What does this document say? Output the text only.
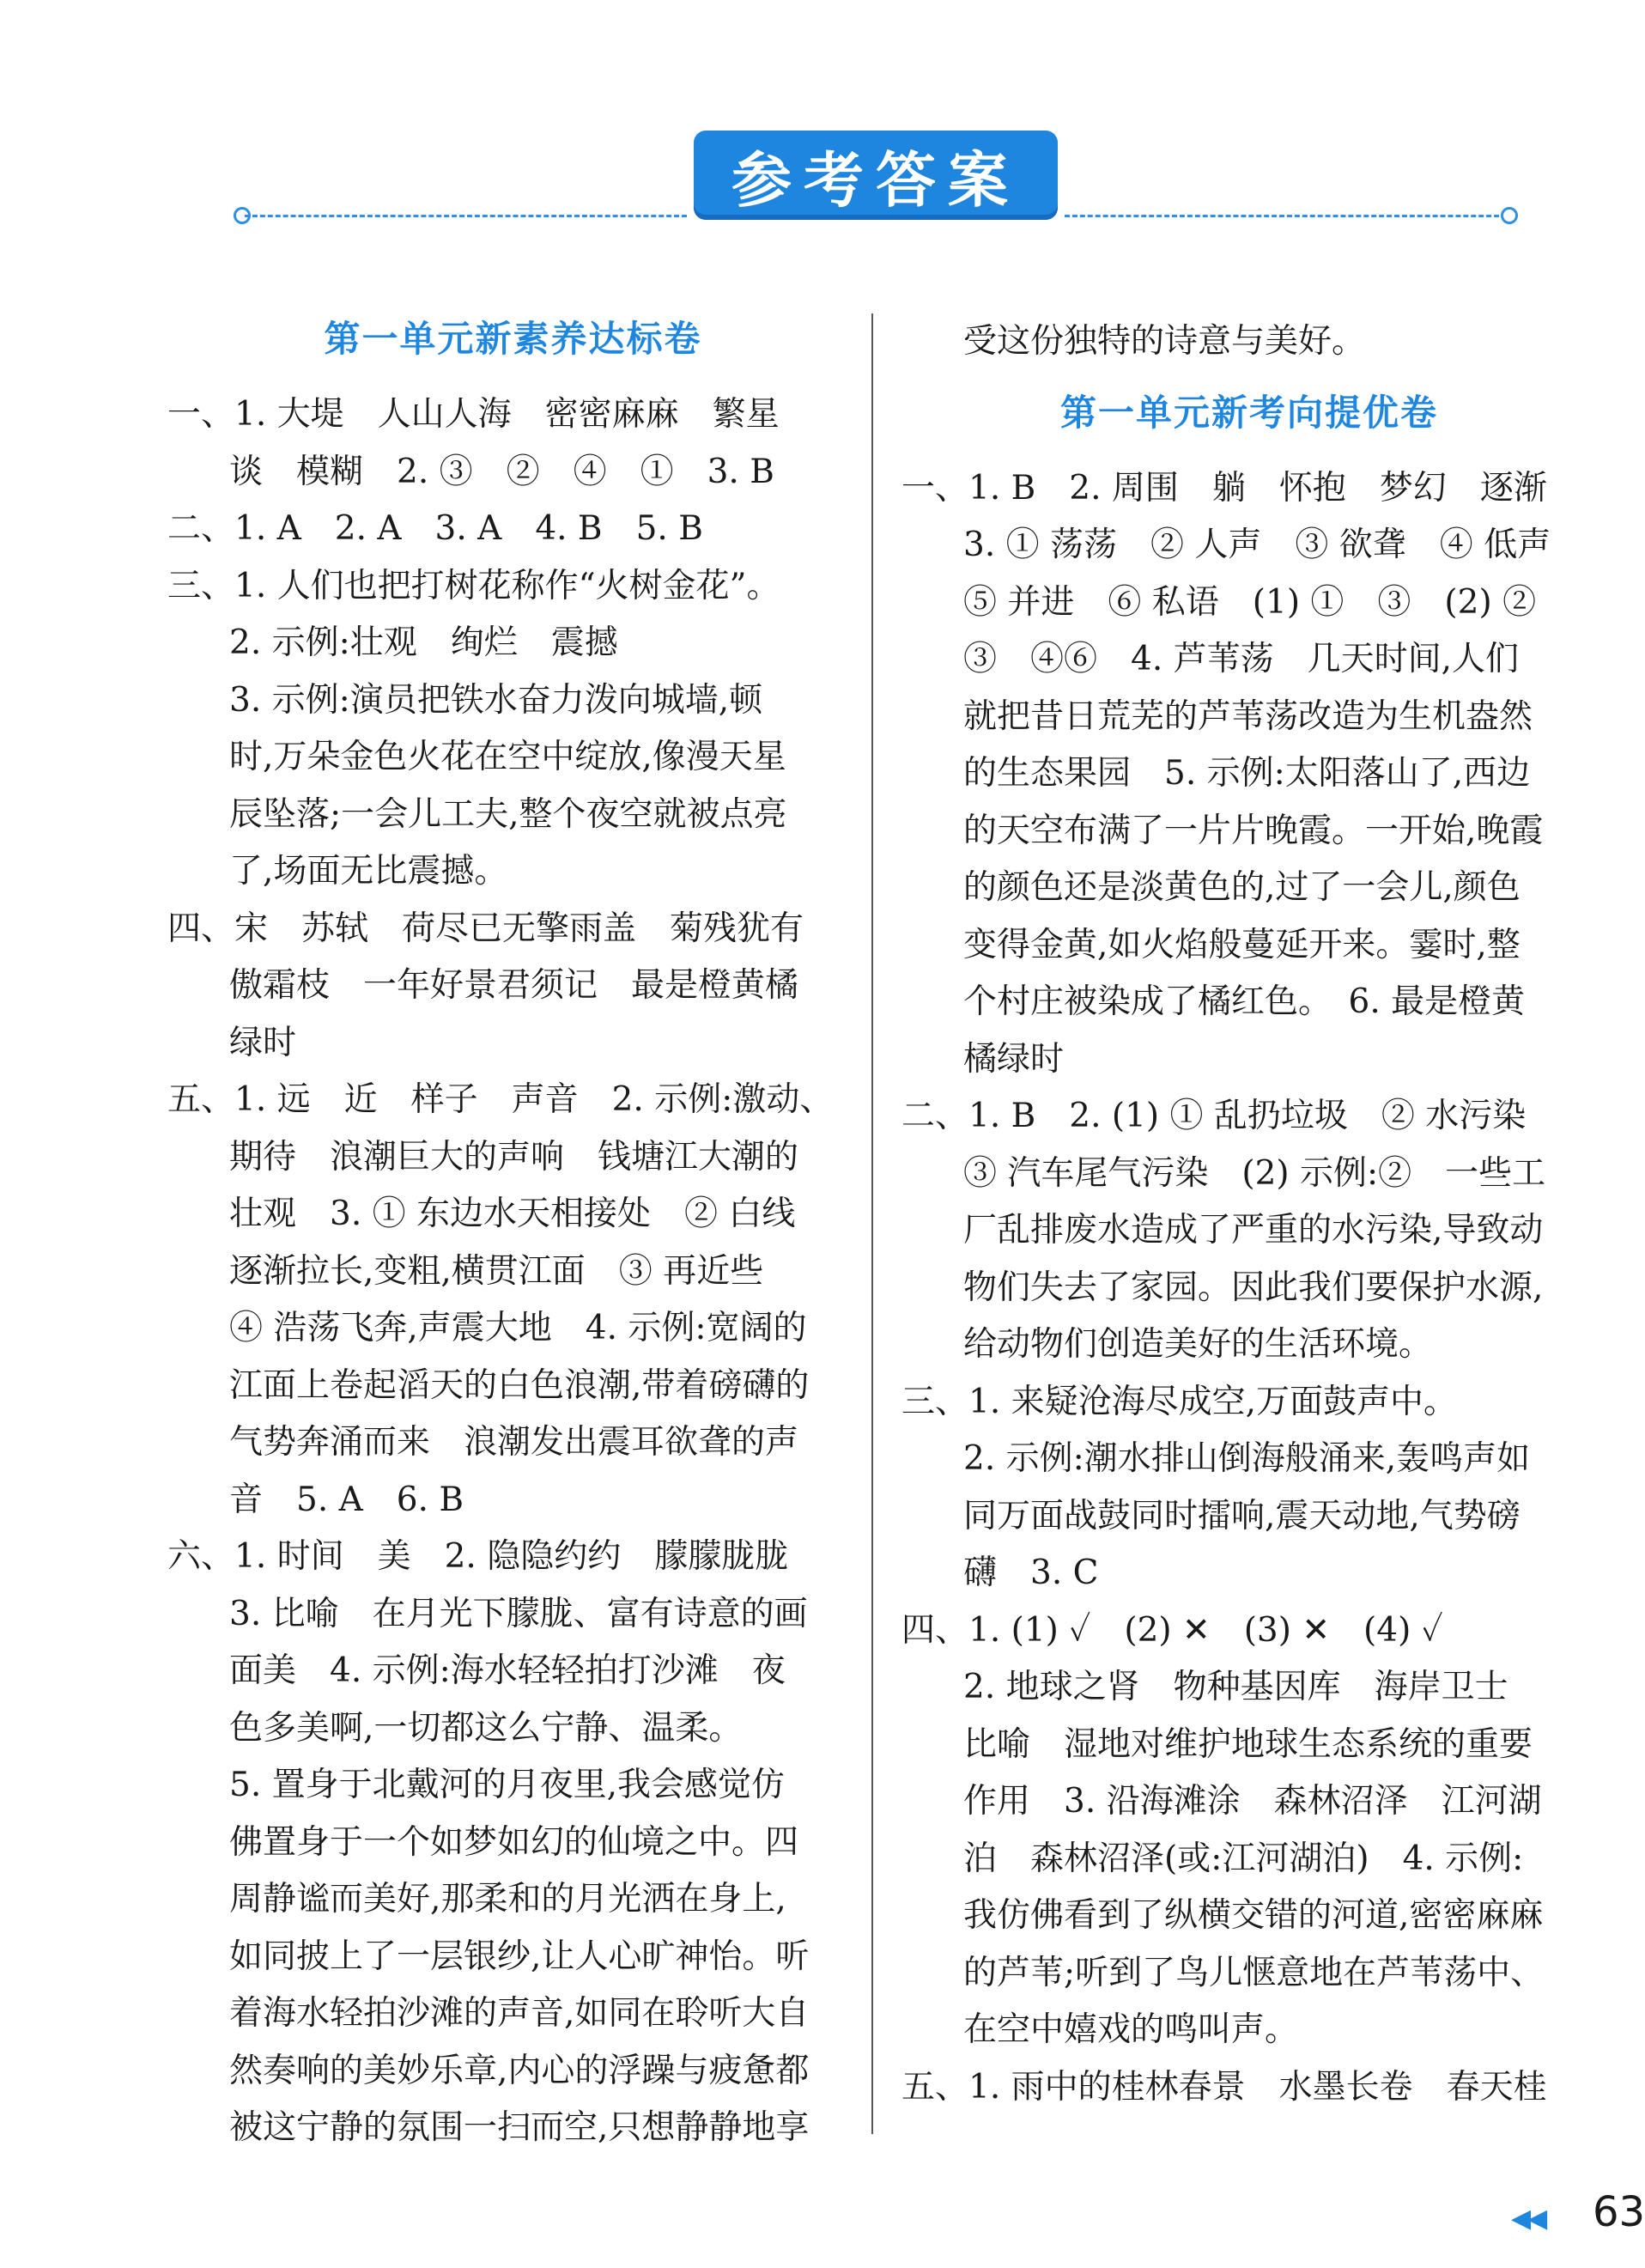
参考答案
第一单元新素养达标卷
一、1. 大堤　人山人海　密密麻麻　繁星
谈　模糊　2. ③　②　④　①　3. B
二、1. A　2. A　3. A　4. B　5. B
三、1. 人们也把打树花称作“火树金花”。
2. 示例:壮观　绚烂　震撼
3. 示例:演员把铁水奋力泼向城墙,顿
时,万朵金色火花在空中绽放,像漫天星
辰坠落;一会儿工夫,整个夜空就被点亮
了,场面无比震撼。
四、宋　苏轼　荷尽已无擎雨盖　菊残犹有
傲霜枝　一年好景君须记　最是橙黄橘
绿时
五、1. 远　近　样子　声音　2. 示例:激动、
期待　浪潮巨大的声响　钱塘江大潮的
壮观　3. ① 东边水天相接处　② 白线
逐渐拉长,变粗,横贯江面　③ 再近些
④ 浩荡飞奔,声震大地　4. 示例:宽阔的
江面上卷起滔天的白色浪潮,带着磅礴的
气势奔涌而来　浪潮发出震耳欲聋的声
音　5. A　6. B
六、1. 时间　美　2. 隐隐约约　朦朦胧胧
3. 比喻　在月光下朦胧、富有诗意的画
面美　4. 示例:海水轻轻拍打沙滩　夜
色多美啊,一切都这么宁静、温柔。
5. 置身于北戴河的月夜里,我会感觉仿
佛置身于一个如梦如幻的仙境之中。四
周静谧而美好,那柔和的月光洒在身上,
如同披上了一层银纱,让人心旷神怡。听
着海水轻拍沙滩的声音,如同在聆听大自
然奏响的美妙乐章,内心的浮躁与疲惫都
被这宁静的氛围一扫而空,只想静静地享
受这份独特的诗意与美好。
第一单元新考向提优卷
一、1. B　2. 周围　躺　怀抱　梦幻　逐渐
3. ① 荡荡　② 人声　③ 欲聋　④ 低声
⑤ 并进　⑥ 私语　(1) ①　③　(2) ②
③　④⑥　4. 芦苇荡　几天时间,人们
就把昔日荒芜的芦苇荡改造为生机盎然
的生态果园　5. 示例:太阳落山了,西边
的天空布满了一片片晚霞。一开始,晚霞
的颜色还是淡黄色的,过了一会儿,颜色
变得金黄,如火焰般蔓延开来。霎时,整
个村庄被染成了橘红色。　6. 最是橙黄
橘绿时
二、1. B　2. (1) ① 乱扔垃圾　② 水污染
③ 汽车尾气污染　(2) 示例:②　一些工
厂乱排废水造成了严重的水污染,导致动
物们失去了家园。因此我们要保护水源,
给动物们创造美好的生活环境。
三、1. 来疑沧海尽成空,万面鼓声中。
2. 示例:潮水排山倒海般涌来,轰鸣声如
同万面战鼓同时擂响,震天动地,气势磅
礴　3. C
四、1. (1) ✓　(2) ✕　(3) ✕　(4) ✓
2. 地球之肾　物种基因库　海岸卫士
比喻　湿地对维护地球生态系统的重要
作用　3. 沿海滩涂　森林沼泽　江河湖
泊　森林沼泽(或:江河湖泊)　4. 示例:
我仿佛看到了纵横交错的河道,密密麻麻
的芦苇;听到了鸟儿惬意地在芦苇荡中、
在空中嬉戏的鸣叫声。
五、1. 雨中的桂林春景　水墨长卷　春天桂
◀◀ 63
